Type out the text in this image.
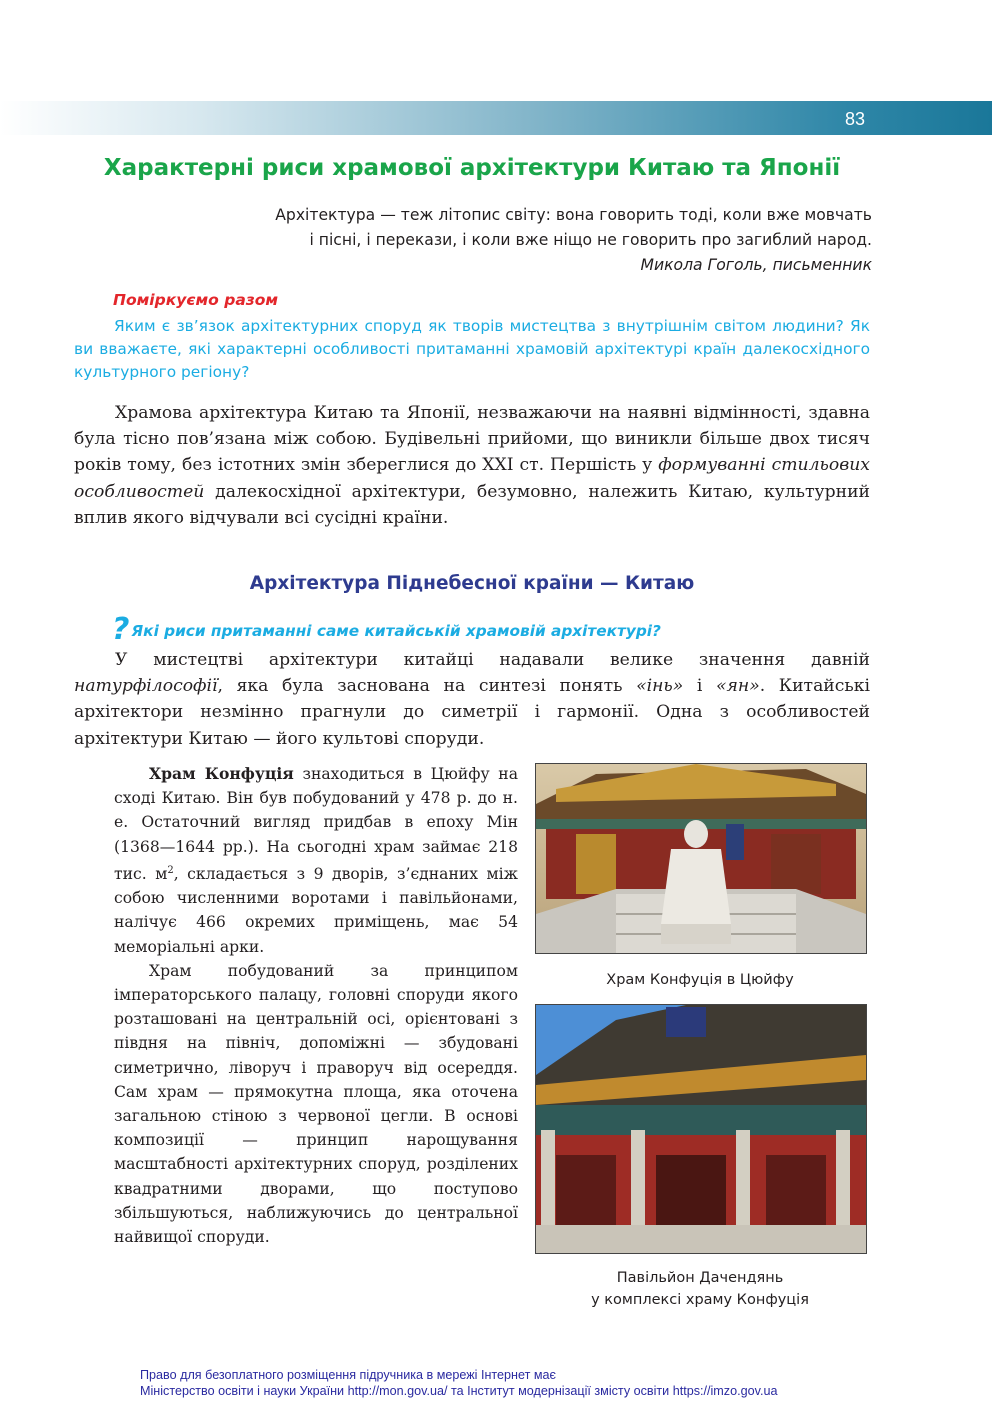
83
Характерні риси храмової архітектури Китаю та Японії
Архітектура — теж літопис світу: вона говорить тоді, коли вже мовчать
і пісні, і перекази, і коли вже ніщо не говорить про загиблий народ.
Микола Гоголь, письменник
Поміркуємо разом

Яким є зв’язок архітектурних споруд як творів мистецтва з внутрішнім світом людини? Як ви вважаєте, які характерні особливості притаманні храмовій архітектурі країн далекосхідного культурного регіону?

Храмова архітектура Китаю та Японії, незважаючи на наявні відмінності, здавна була тісно пов’язана між собою. Будівельні прийоми, що виникли більше двох тисяч років тому, без істотних змін збереглися до XXI ст. Першість у формуванні стильових особливостей далекосхідної архітектури, безумовно, належить Китаю, культурний вплив якого відчували всі сусідні країни.

Архітектура Піднебесної країни — Китаю
? Які риси притаманні саме китайській храмовій архітектурі?

У мистецтві архітектури китайці надавали велике значення давній натурфілософії, яка була заснована на синтезі понять «інь» і «ян». Китайські архітектори незмінно прагнули до симетрії і гармонії. Одна з особливостей архітектури Китаю — його культові споруди.

Храм Конфуція знаходиться в Цюйфу на сході Китаю. Він був побудований у 478 р. до н. е. Остаточний вигляд придбав в епоху Мін (1368—1644 рр.). На сьогодні храм займає 218 тис. $м^2$, складається з 9 дворів, з’єднаних між собою численними воротами і павільйонами, налічує 466 окремих приміщень, має 54 меморіальні арки.

Храм побудований за принципом імператорського палацу, головні споруди якого розташовані на центральній осі, орієнтовані з півдня на північ, допоміжні — збудовані симетрично, ліворуч і праворуч від осереддя. Сам храм — прямокутна площа, яка оточена загальною стіною з червоної цегли. В основі композиції — принцип нарощування масштабності архітектурних споруд, розділених квадратними дворами, що поступово збільшуються, наближуючись до центральної найвищої споруди.

Храм Конфуція в Цюйфу
Павільйон Дачендянь
у комплексі храму Конфуція
Право для безоплатного розміщення підручника в мережі Інтернет має
Міністерство освіти і науки України http://mon.gov.ua/ та Інститут модернізації змісту освіти https://imzo.gov.ua
